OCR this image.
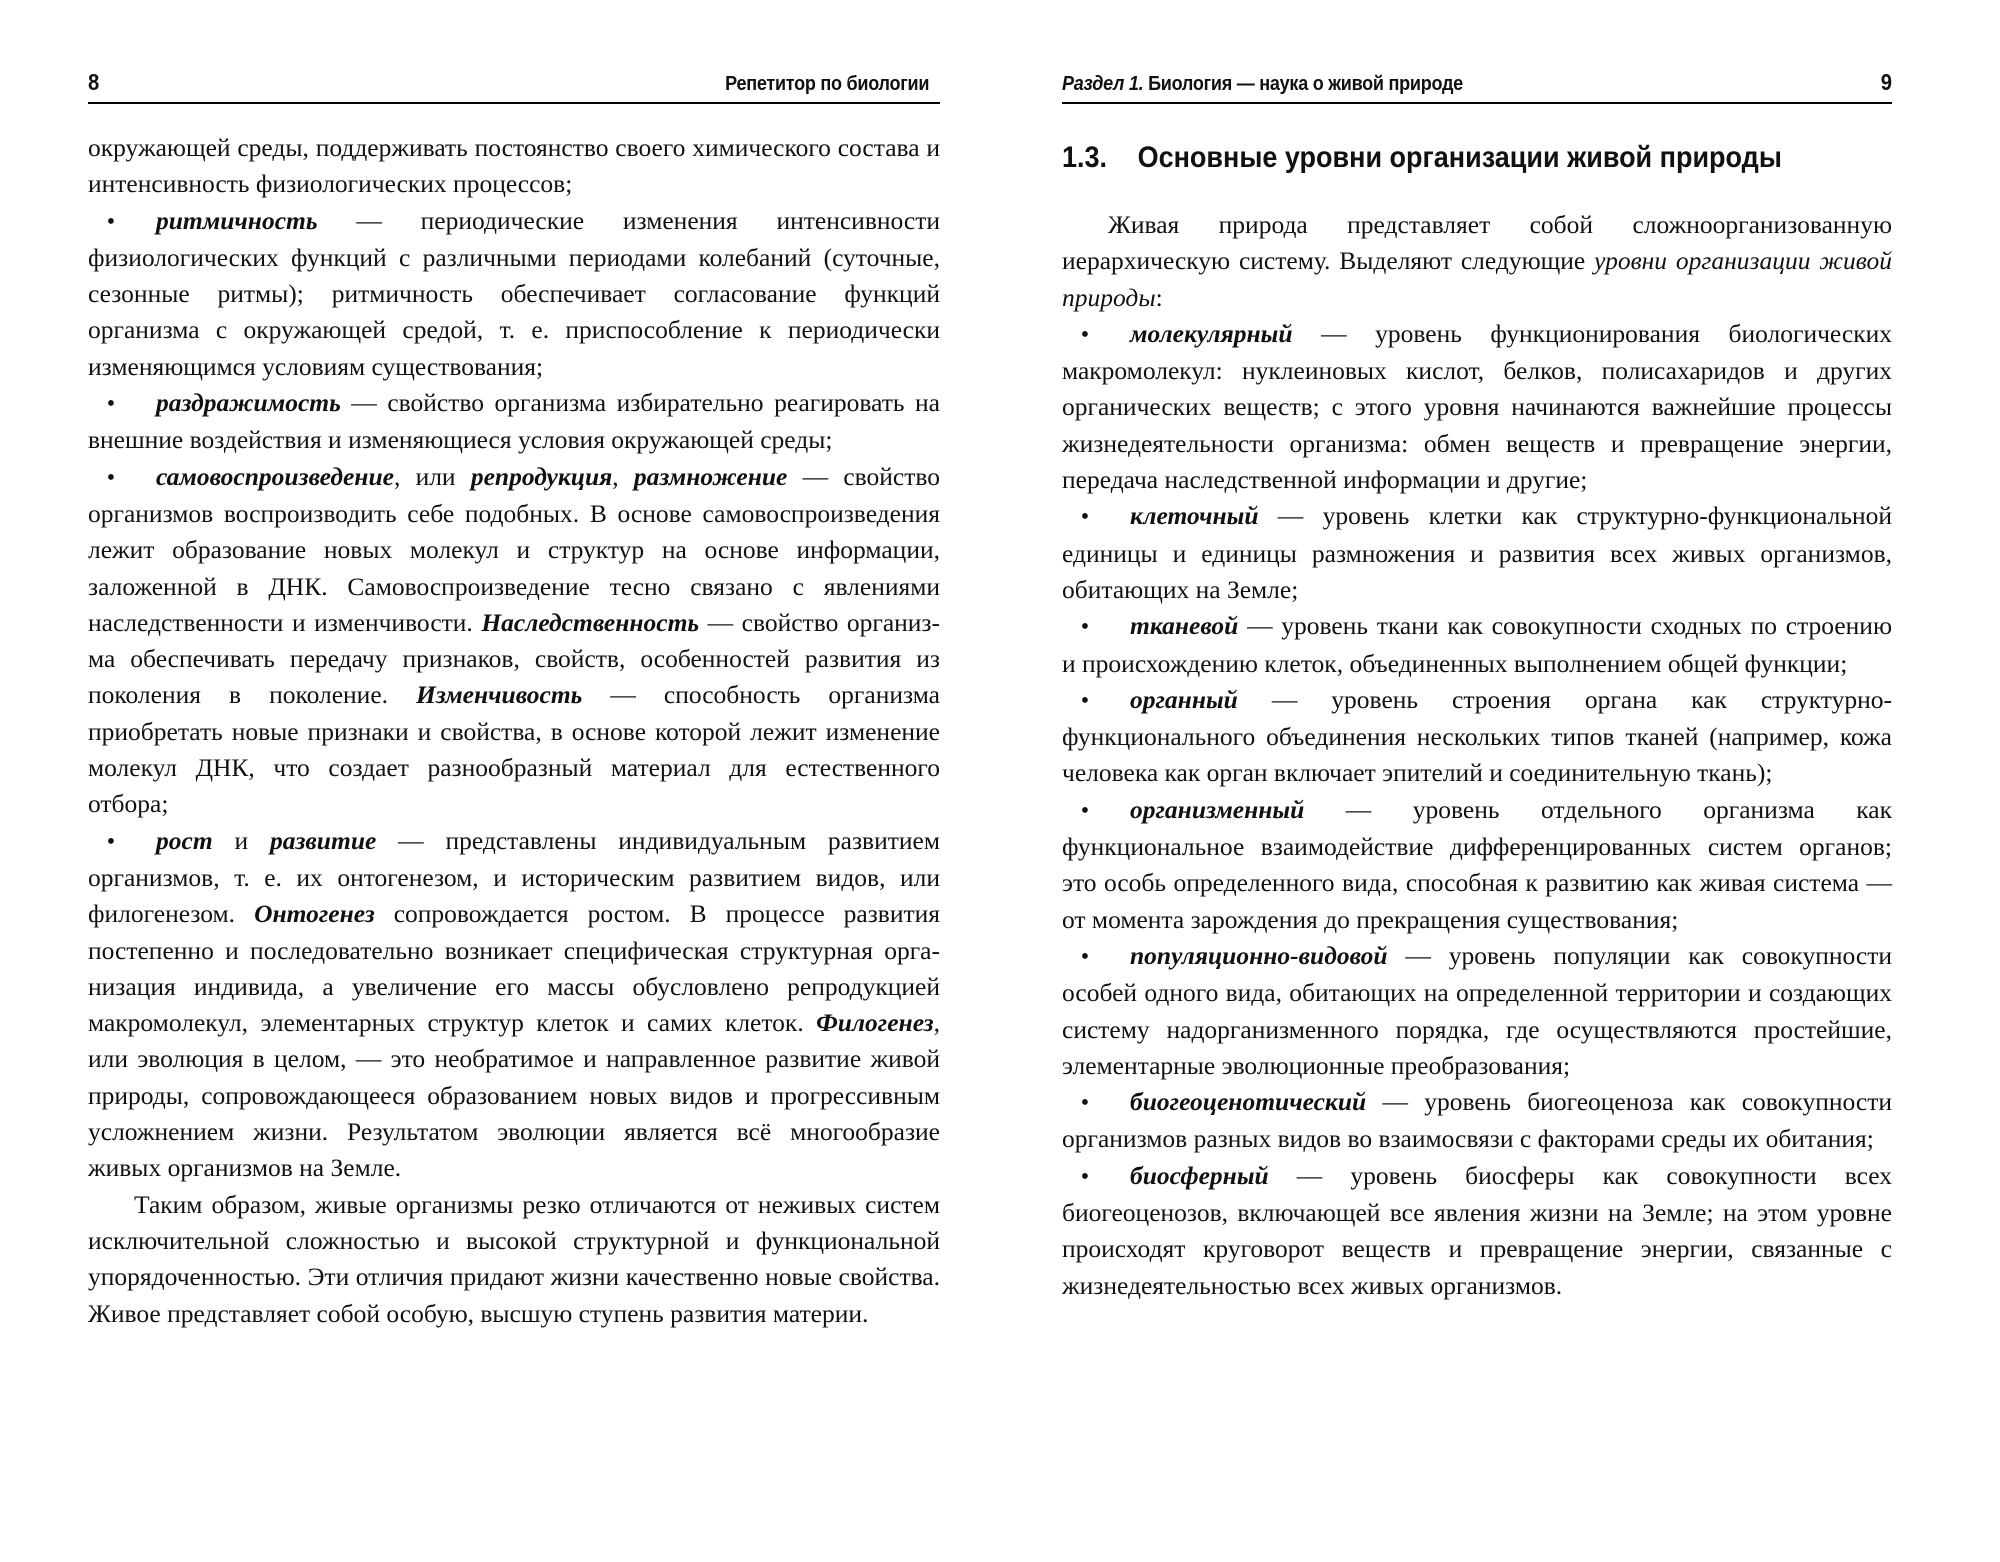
8	Репетитор по биологии

окружающей среды, поддерживать постоянство своего химического состава и интенсивность физиологических процессов;

•ритмичность — периодические изменения интенсивности физиологических функций с различными периодами колебаний (суточные, сезонные ритмы); ритмичность обеспечивает согласование функций организма с окружающей средой, т. е. приспособление к периодически изменяющимся условиям существования;

•раздражимость — свойство организма избирательно реагировать на внешние воздействия и изменяющиеся условия окружающей среды;

•самовоспроизведение, или репродукция, размножение — свойство организмов воспроизводить себе подобных. В основе самовоспроизведения лежит образование новых молекул и структур на основе информации, заложенной в ДНК. Самовоспроизведение тесно связано с явлениями наследственности и изменчивости. Наследственность — свойство организма обеспечивать передачу признаков, свойств, особенностей развития из поколения в поколение. Изменчивость — способность организма приобретать новые признаки и свойства, в основе которой лежит изменение молекул ДНК, что создает разнообразный материал для естественного отбора;

•рост и развитие — представлены индивидуальным развитием организмов, т. е. их онтогенезом, и историческим развитием видов, или филогенезом. Онтогенез сопровождается ростом. В процессе развития постепенно и последовательно возникает специфическая структурная организация индивида, а увеличение его массы обусловлено репродукцией макромолекул, элементарных структур клеток и самих клеток. Филогенез, или эволюция в целом, — это необратимое и направленное развитие живой природы, сопровождающееся образованием новых видов и прогрессивным усложнением жизни. Результатом эволюции является всё многообразие живых организмов на Земле.

Таким образом, живые организмы резко отличаются от неживых систем исключительной сложностью и высокой структурной и функциональной упорядоченностью. Эти отличия придают жизни качественно новые свойства. Живое представляет собой особую, высшую ступень развития материи.

Раздел 1. Биология — наука о живой природе	9
1.3.	Основные уровни организации живой природы

Живая природа представляет собой сложноорганизованную иерархическую систему. Выделяют следующие уровни организации живой природы:

•молекулярный — уровень функционирования биологических макромолекул: нуклеиновых кислот, белков, полисахаридов и других органических веществ; с этого уровня начинаются важнейшие процессы жизнедеятельности организма: обмен веществ и превращение энергии, передача наследственной информации и другие;

•клеточный — уровень клетки как структурно-функциональной единицы и единицы размножения и развития всех живых организмов, обитающих на Земле;

•тканевой — уровень ткани как совокупности сходных по строению и происхождению клеток, объединенных выполнением общей функции;

•органный — уровень строения органа как структурно-функционального объединения нескольких типов тканей (например, кожа человека как орган включает эпителий и соединительную ткань);

•организменный — уровень отдельного организма как функциональное взаимодействие дифференцированных систем органов; это особь определенного вида, способная к развитию как живая система — от момента зарождения до прекращения существования;

•популяционно-видовой — уровень популяции как совокупности особей одного вида, обитающих на определенной территории и создающих систему надорганизменного порядка, где осуществляются простейшие, элементарные эволюционные преобразования;

•биогеоценотический — уровень биогеоценоза как совокупности организмов разных видов во взаимосвязи с факторами среды их обитания;

•биосферный — уровень биосферы как совокупности всех биогеоценозов, включающей все явления жизни на Земле; на этом уровне происходят круговорот веществ и превращение энергии, связанные с жизнедеятельностью всех живых организмов.
